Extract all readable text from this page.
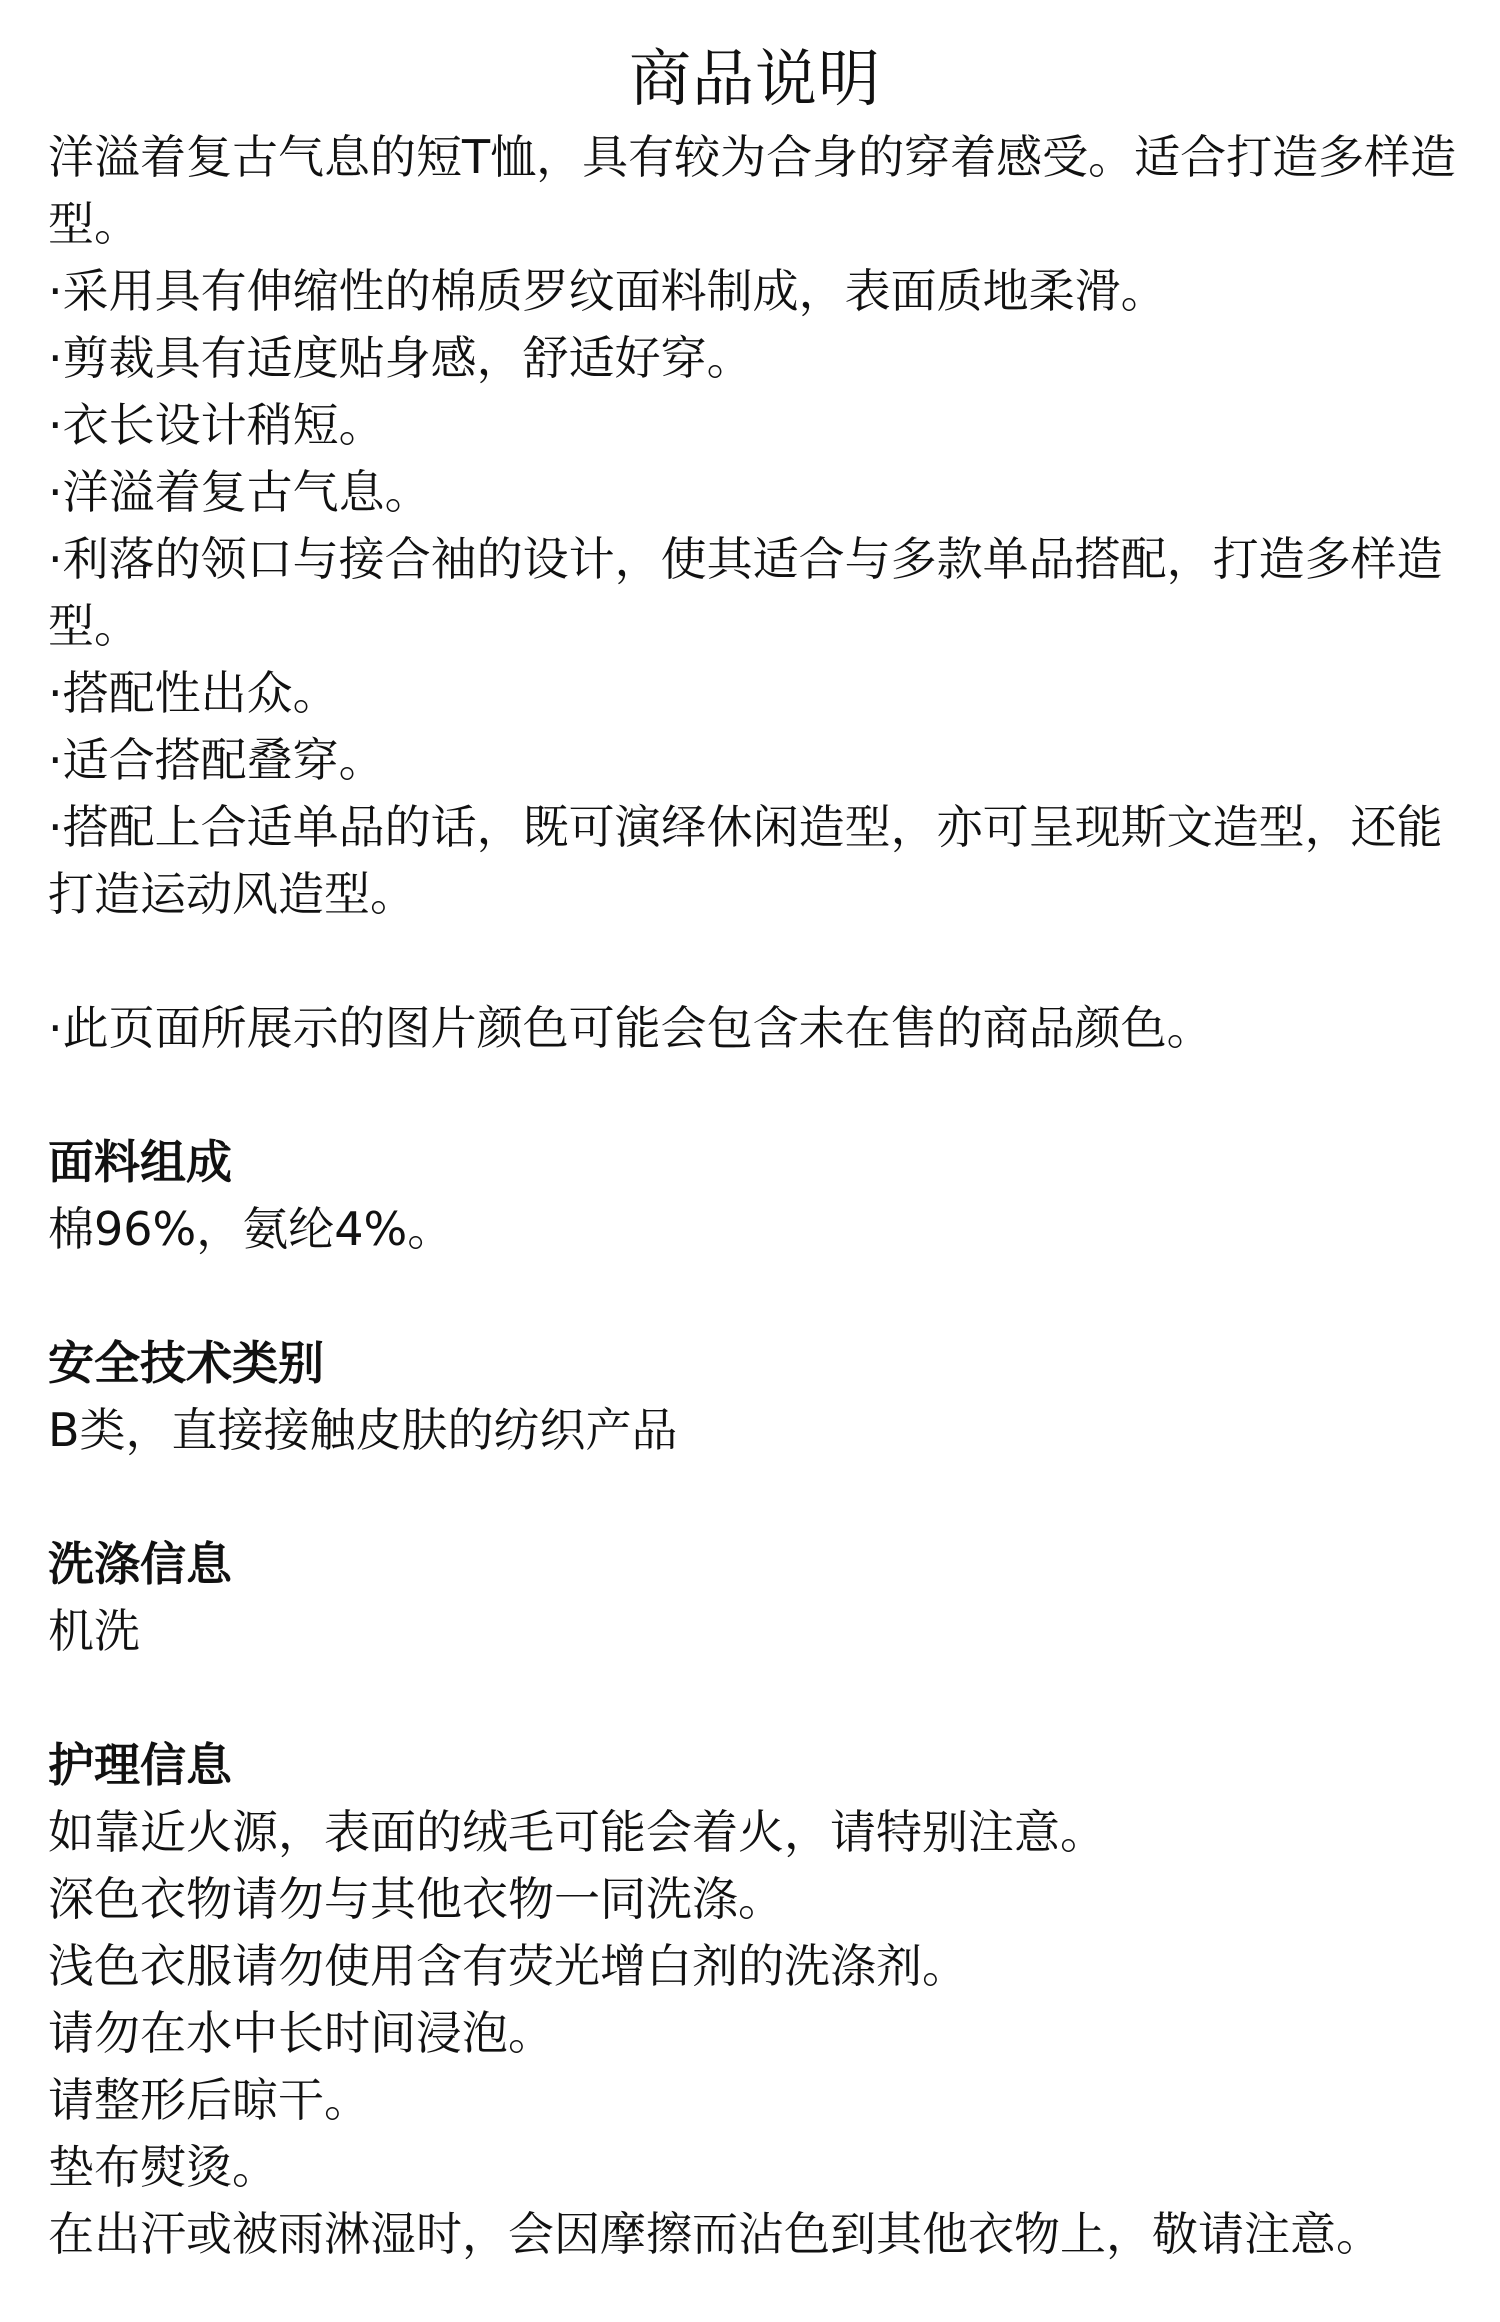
商品说明

洋溢着复古气息的短T恤，具有较为合身的穿着感受。适合打造多样造型。

·采用具有伸缩性的棉质罗纹面料制成，表面质地柔滑。

·剪裁具有适度贴身感，舒适好穿。

·衣长设计稍短。

·洋溢着复古气息。

·利落的领口与接合袖的设计，使其适合与多款单品搭配，打造多样造型。

·搭配性出众。

·适合搭配叠穿。

·搭配上合适单品的话，既可演绎休闲造型，亦可呈现斯文造型，还能打造运动风造型。

·此页面所展示的图片颜色可能会包含未在售的商品颜色。

面料组成

棉96%，氨纶4%。

安全技术类别

B类，直接接触皮肤的纺织产品

洗涤信息

机洗

护理信息

如靠近火源，表面的绒毛可能会着火，请特别注意。

深色衣物请勿与其他衣物一同洗涤。

浅色衣服请勿使用含有荧光增白剂的洗涤剂。

请勿在水中长时间浸泡。

请整形后晾干。

垫布熨烫。

在出汗或被雨淋湿时，会因摩擦而沾色到其他衣物上，敬请注意。
